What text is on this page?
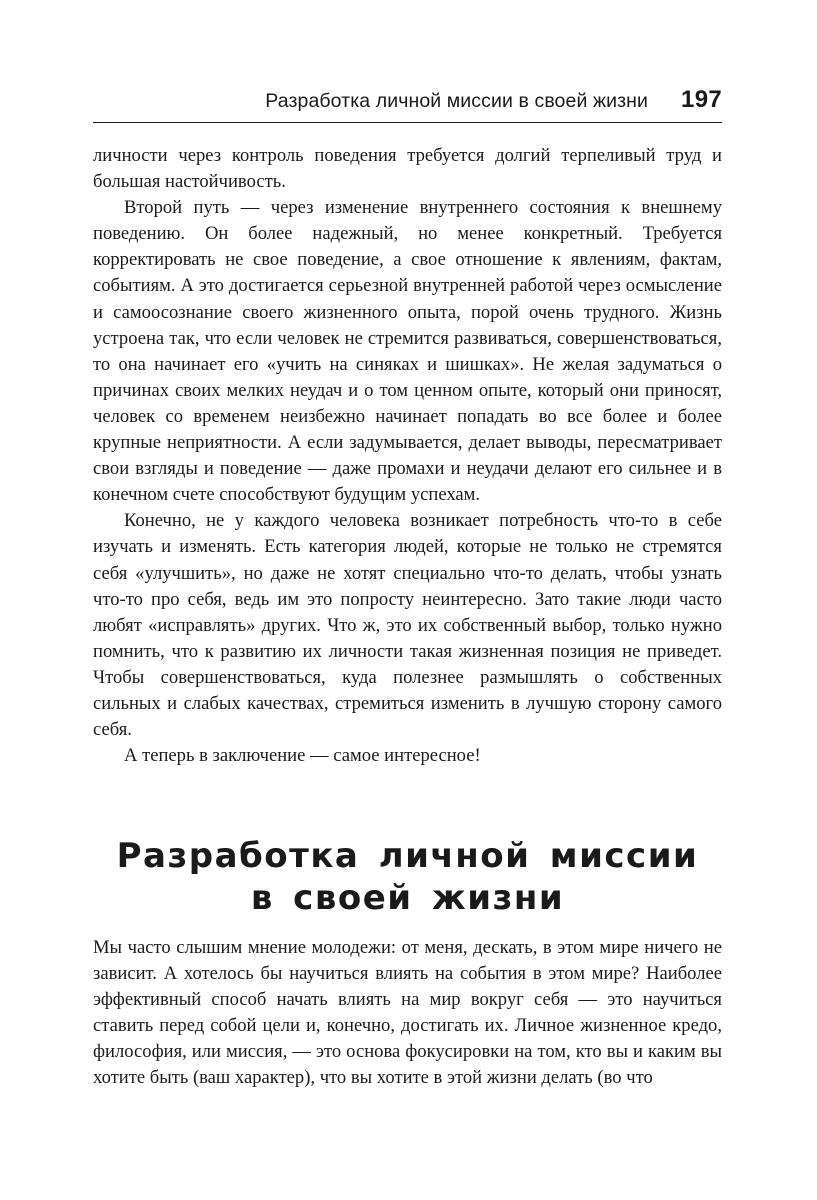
Разработка личной миссии в своей жизни 197

личности через контроль поведения требуется долгий терпеливый труд и большая настойчивость.

Второй путь — через изменение внутреннего состояния к внешнему поведению. Он более надежный, но менее конкретный. Требуется корректировать не свое поведение, а свое отношение к явлениям, фактам, событиям. А это достигается серьезной внутренней работой через осмысление и самоосознание своего жизненного опыта, порой очень трудного. Жизнь устроена так, что если человек не стремится развиваться, совершенствоваться, то она начинает его «учить на синяках и шишках». Не желая задуматься о причинах своих мелких неудач и о том ценном опыте, который они приносят, человек со временем неизбежно начинает попадать во все более и более крупные неприятности. А если задумывается, делает выводы, пересматривает свои взгляды и поведение — даже промахи и неудачи делают его сильнее и в конечном счете способствуют будущим успехам.

Конечно, не у каждого человека возникает потребность что-то в себе изучать и изменять. Есть категория людей, которые не только не стремятся себя «улучшить», но даже не хотят специально что-то делать, чтобы узнать что-то про себя, ведь им это попросту неинтересно. Зато такие люди часто любят «исправлять» других. Что ж, это их собственный выбор, только нужно помнить, что к развитию их личности такая жизненная позиция не приведет. Чтобы совершенствоваться, куда полезнее размышлять о собственных сильных и слабых качествах, стремиться изменить в лучшую сторону самого себя.

А теперь в заключение — самое интересное!

Разработка личной миссии
в своей жизни

Мы часто слышим мнение молодежи: от меня, дескать, в этом мире ничего не зависит. А хотелось бы научиться влиять на события в этом мире? Наиболее эффективный способ начать влиять на мир вокруг себя — это научиться ставить перед собой цели и, конечно, достигать их. Личное жизненное кредо, философия, или миссия, — это основа фокусировки на том, кто вы и каким вы хотите быть (ваш характер), что вы хотите в этой жизни делать (во что
